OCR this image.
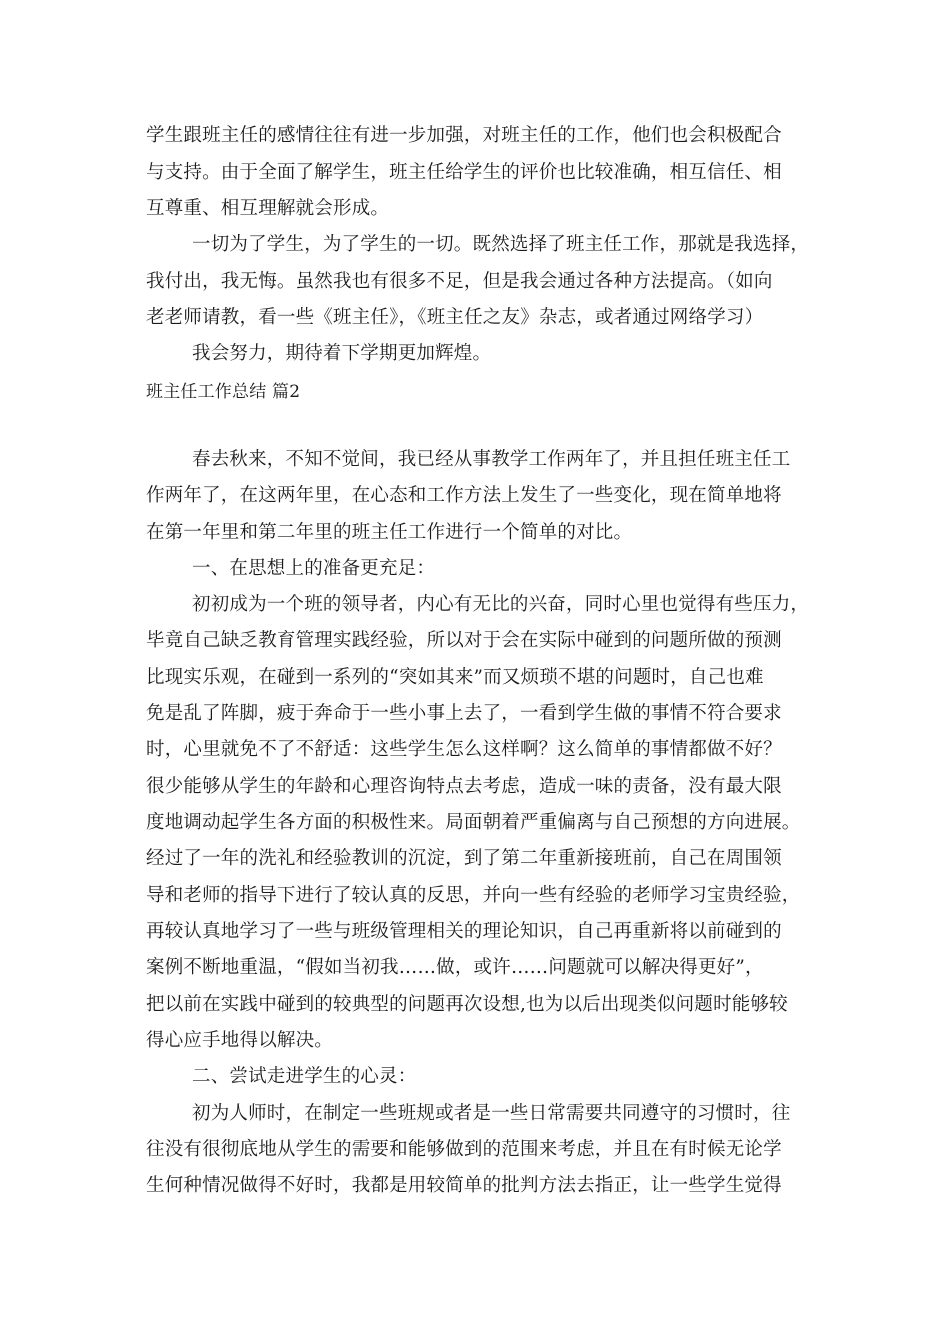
学生跟班主任的感情往往有进一步加强，对班主任的工作，他们也会积极配合
与支持。由于全面了解学生，班主任给学生的评价也比较准确，相互信任、相
互尊重、相互理解就会形成。
一切为了学生，为了学生的一切。既然选择了班主任工作，那就是我选择，
我付出，我无悔。虽然我也有很多不足，但是我会通过各种方法提高。（如向
老老师请教，看一些《班主任》，《班主任之友》杂志，或者通过网络学习）
我会努力，期待着下学期更加辉煌。
班主任工作总结 篇2
春去秋来，不知不觉间，我已经从事教学工作两年了，并且担任班主任工
作两年了，在这两年里，在心态和工作方法上发生了一些变化，现在简单地将
在第一年里和第二年里的班主任工作进行一个简单的对比。
一、在思想上的准备更充足：
初初成为一个班的领导者，内心有无比的兴奋，同时心里也觉得有些压力，
毕竟自己缺乏教育管理实践经验，所以对于会在实际中碰到的问题所做的预测
比现实乐观，在碰到一系列的“突如其来”而又烦琐不堪的问题时，自己也难
免是乱了阵脚，疲于奔命于一些小事上去了，一看到学生做的事情不符合要求
时，心里就免不了不舒适：这些学生怎么这样啊？这么简单的事情都做不好？
很少能够从学生的年龄和心理咨询特点去考虑，造成一味的责备，没有最大限
度地调动起学生各方面的积极性来。局面朝着严重偏离与自己预想的方向进展。
经过了一年的洗礼和经验教训的沉淀，到了第二年重新接班前，自己在周围领
导和老师的指导下进行了较认真的反思，并向一些有经验的老师学习宝贵经验，
再较认真地学习了一些与班级管理相关的理论知识，自己再重新将以前碰到的
案例不断地重温，“假如当初我……做，或许……问题就可以解决得更好”，
把以前在实践中碰到的较典型的问题再次设想,也为以后出现类似问题时能够较
得心应手地得以解决。
二、尝试走进学生的心灵：
初为人师时，在制定一些班规或者是一些日常需要共同遵守的习惯时，往
往没有很彻底地从学生的需要和能够做到的范围来考虑，并且在有时候无论学
生何种情况做得不好时，我都是用较简单的批判方法去指正，让一些学生觉得
